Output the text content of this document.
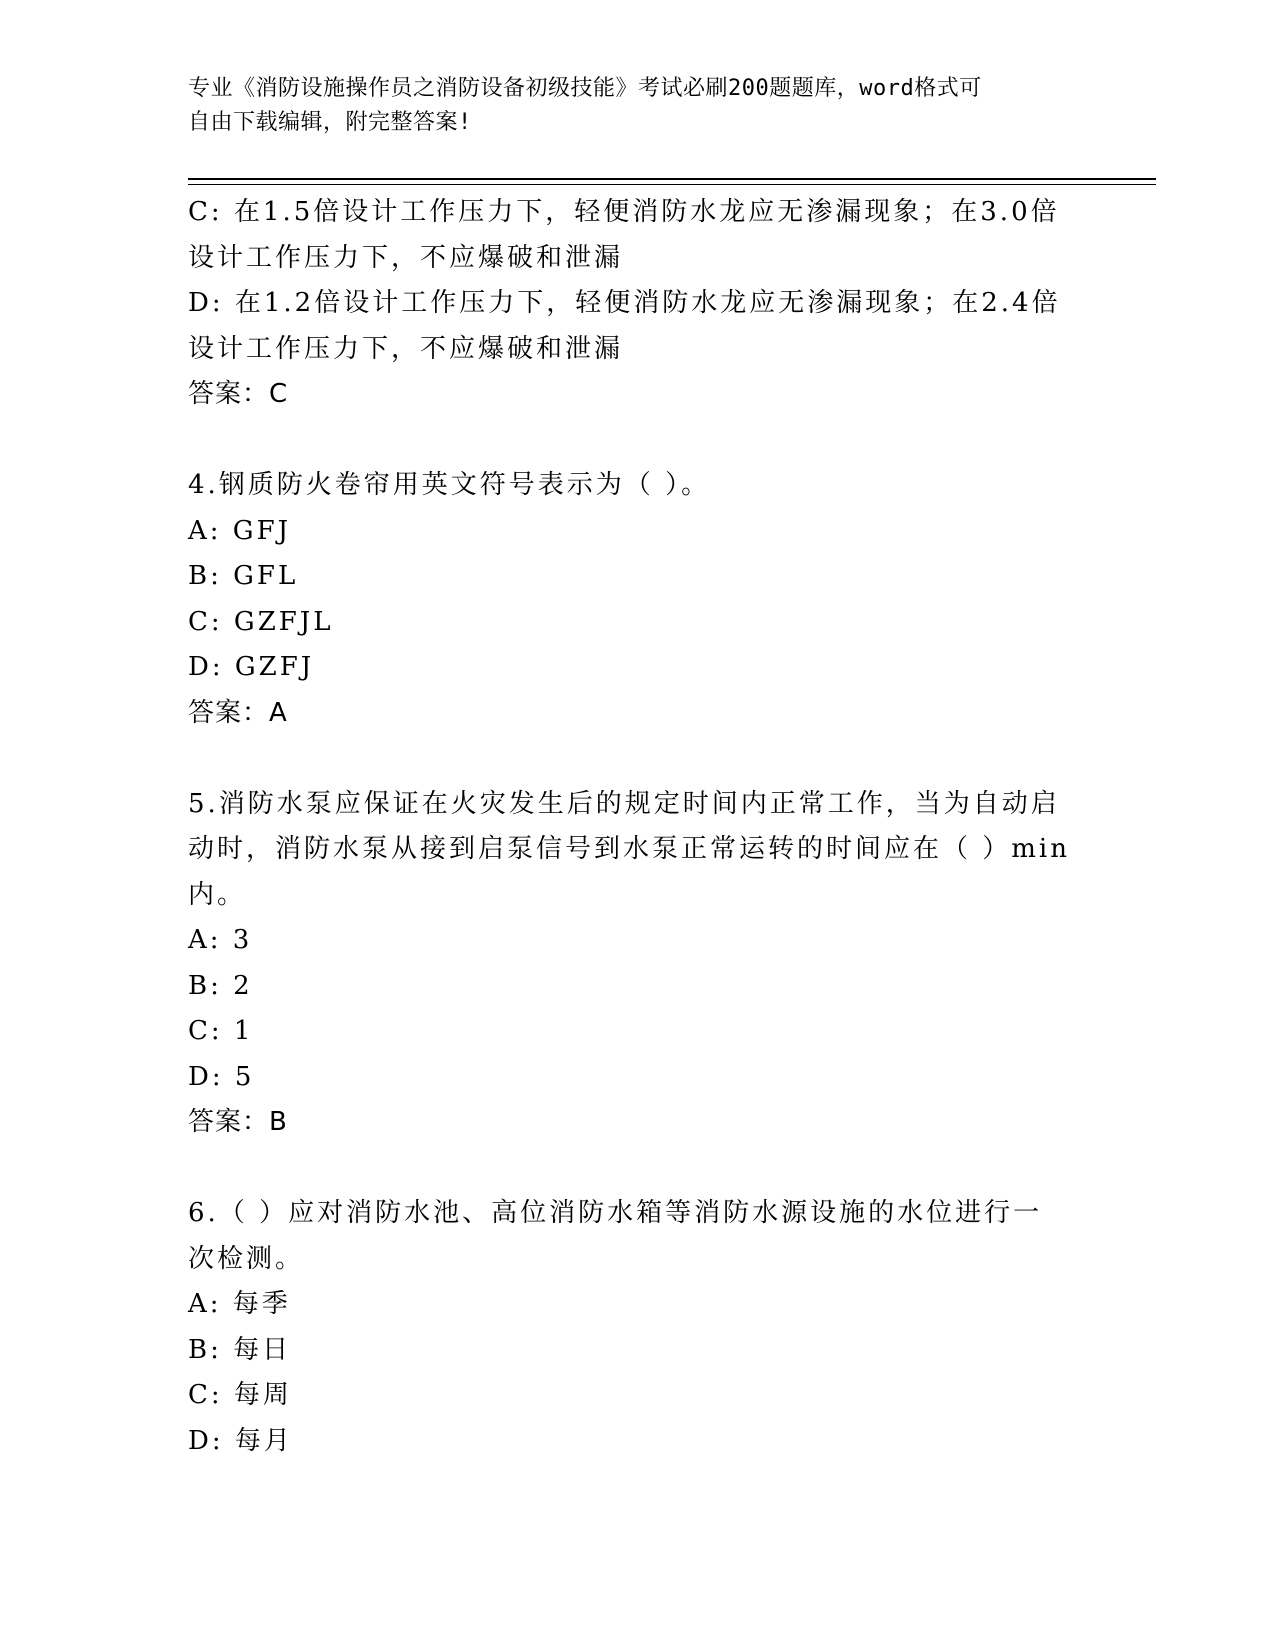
专业《消防设施操作员之消防设备初级技能》考试必刷200题题库，word格式可
自由下载编辑，附完整答案!
C: 在1.5倍设计工作压力下，轻便消防水龙应无渗漏现象；在3.0倍
设计工作压力下，不应爆破和泄漏
D: 在1.2倍设计工作压力下，轻便消防水龙应无渗漏现象；在2.4倍
设计工作压力下，不应爆破和泄漏
答案：C
4.钢质防火卷帘用英文符号表示为（ ）。
A: GFJ
B: GFL
C: GZFJL
D: GZFJ
答案：A
5.消防水泵应保证在火灾发生后的规定时间内正常工作，当为自动启
动时，消防水泵从接到启泵信号到水泵正常运转的时间应在（ ）min
内。
A: 3
B: 2
C: 1
D: 5
答案：B
6.（ ）应对消防水池、高位消防水箱等消防水源设施的水位进行一
次检测。
A: 每季
B: 每日
C: 每周
D: 每月
